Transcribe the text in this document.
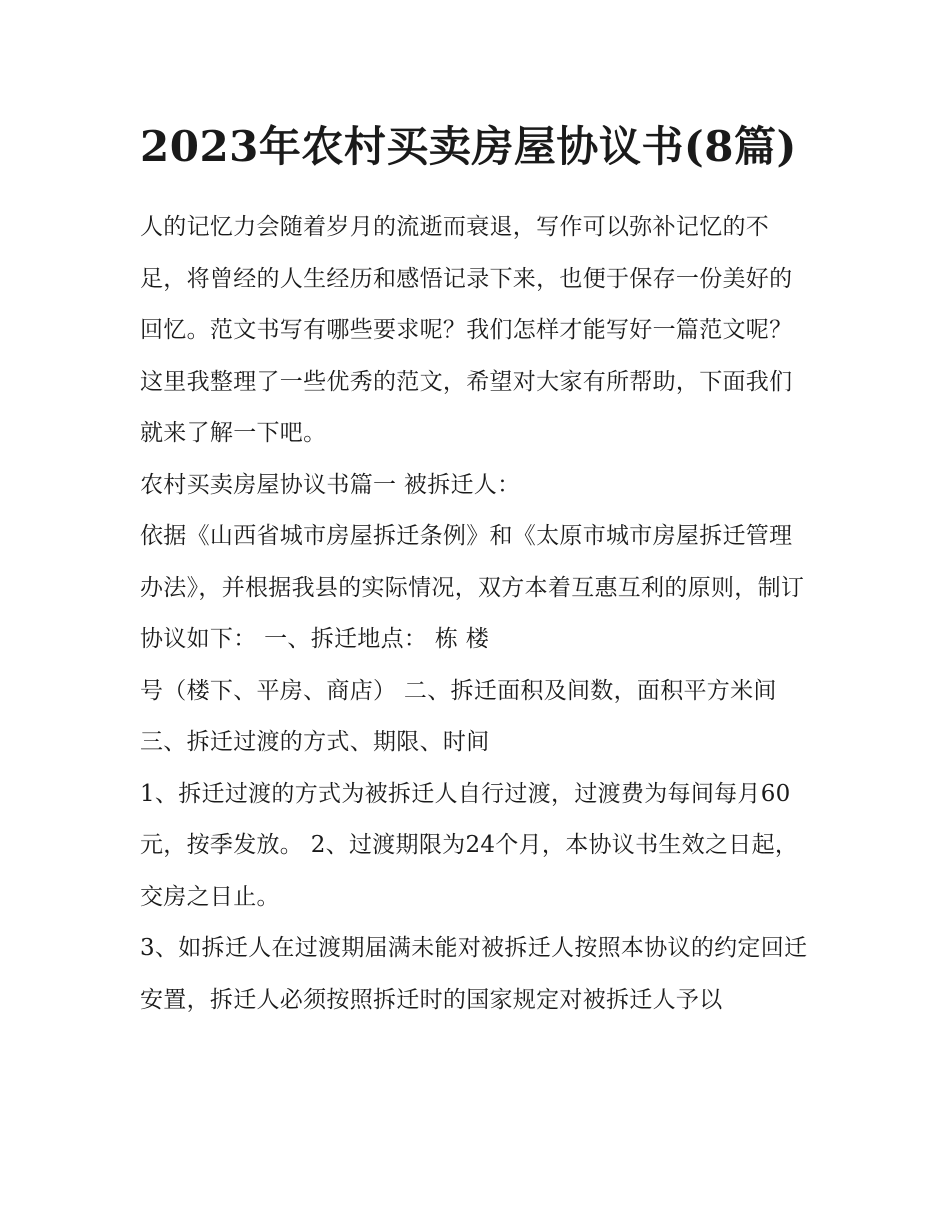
2023年农村买卖房屋协议书(8篇)

人的记忆力会随着岁月的流逝而衰退，写作可以弥补记忆的不足，将曾经的人生经历和感悟记录下来，也便于保存一份美好的回忆。范文书写有哪些要求呢？我们怎样才能写好一篇范文呢？这里我整理了一些优秀的范文，希望对大家有所帮助，下面我们就来了解一下吧。

农村买卖房屋协议书篇一 被拆迁人：

依据《山西省城市房屋拆迁条例》和《太原市城市房屋拆迁管理办法》，并根据我县的实际情况，双方本着互惠互利的原则，制订协议如下： 一、拆迁地点： 栋 楼

号（楼下、平房、商店） 二、拆迁面积及间数，面积平方米间 三、拆迁过渡的方式、期限、时间

1、拆迁过渡的方式为被拆迁人自行过渡，过渡费为每间每月60元，按季发放。 2、过渡期限为24个月，本协议书生效之日起，交房之日止。

3、如拆迁人在过渡期届满未能对被拆迁人按照本协议的约定回迁安置，拆迁人必须按照拆迁时的国家规定对被拆迁人予以
